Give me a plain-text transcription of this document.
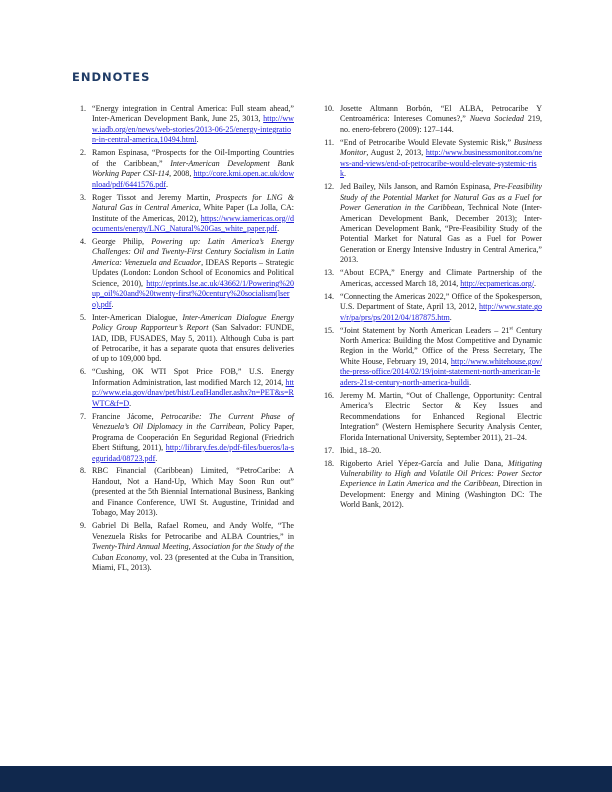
ENDNOTES
1. “Energy integration in Central America: Full steam ahead,” Inter-American Development Bank, June 25, 3013, http://www.iadb.org/en/news/web-stories/2013-06-25/energy-integration-in-central-america,10494.html.
2. Ramon Espinasa, “Prospects for the Oil-Importing Countries of the Caribbean,” Inter-American Development Bank Working Paper CSI-114, 2008, http://core.kmi.open.ac.uk/download/pdf/6441576.pdf.
3. Roger Tissot and Jeremy Martin, Prospects for LNG & Natural Gas in Central America, White Paper (La Jolla, CA: Institute of the Americas, 2012), https://www.iamericas.org//documents/energy/LNG_Natural%20Gas_white_paper.pdf.
4. George Philip, Powering up: Latin America’s Energy Challenges: Oil and Twenty-First Century Socialism in Latin America: Venezuela and Ecuador, IDEAS Reports – Strategic Updates (London: London School of Economics and Political Science, 2010), http://eprints.lse.ac.uk/43662/1/Powering%20up_oil%20and%20twenty-first%20century%20socialism(lsero).pdf.
5. Inter-American Dialogue, Inter-American Dialogue Energy Policy Group Rapporteur’s Report (San Salvador: FUNDE, IAD, IDB, FUSADES, May 5, 2011). Although Cuba is part of Petrocaribe, it has a separate quota that ensures deliveries of up to 109,000 bpd.
6. “Cushing, OK WTI Spot Price FOB,” U.S. Energy Information Administration, last modified March 12, 2014, http://www.eia.gov/dnav/pet/hist/LeafHandler.ashx?n=PET&s=RWTC&f=D.
7. Francine Jácome, Petrocaribe: The Current Phase of Venezuela’s Oil Diplomacy in the Carribean, Policy Paper, Programa de Cooperación En Seguridad Regional (Friedrich Ebert Stiftung, 2011), http://library.fes.de/pdf-files/bueros/la-seguridad/08723.pdf.
8. RBC Financial (Caribbean) Limited, “PetroCaribe: A Handout, Not a Hand-Up, Which May Soon Run out” (presented at the 5th Biennial International Business, Banking and Finance Conference, UWI St. Augustine, Trinidad and Tobago, May 2013).
9. Gabriel Di Bella, Rafael Romeu, and Andy Wolfe, “The Venezuela Risks for Petrocaribe and ALBA Countries,” in Twenty-Third Annual Meeting, Association for the Study of the Cuban Economy, vol. 23 (presented at the Cuba in Transition, Miami, FL, 2013).
10. Josette Altmann Borbón, “El ALBA, Petrocaribe Y Centroamérica: Intereses Comunes?,” Nueva Sociedad 219, no. enero-febrero (2009): 127–144.
11. “End of Petrocaribe Would Elevate Systemic Risk,” Business Monitor, August 2, 2013, http://www.businessmonitor.com/news-and-views/end-of-petrocaribe-would-elevate-systemic-risk.
12. Jed Bailey, Nils Janson, and Ramón Espinasa, Pre-Feasibility Study of the Potential Market for Natural Gas as a Fuel for Power Generation in the Caribbean, Technical Note (Inter-American Development Bank, December 2013); Inter-American Development Bank, “Pre-Feasibility Study of the Potential Market for Natural Gas as a Fuel for Power Generation or Energy Intensive Industry in Central America,” 2013.
13. “About ECPA,” Energy and Climate Partnership of the Americas, accessed March 18, 2014, http://ecpamericas.org/.
14. “Connecting the Americas 2022,” Office of the Spokesperson, U.S. Department of State, April 13, 2012, http://www.state.gov/r/pa/prs/ps/2012/04/187875.htm.
15. “Joint Statement by North American Leaders – 21st Century North America: Building the Most Competitive and Dynamic Region in the World,” Office of the Press Secretary, The White House, February 19, 2014, http://www.whitehouse.gov/the-press-office/2014/02/19/joint-statement-north-american-leaders-21st-century-north-america-buildi.
16. Jeremy M. Martin, “Out of Challenge, Opportunity: Central America’s Electric Sector & Key Issues and Recommendations for Enhanced Regional Electric Integration” (Western Hemisphere Security Analysis Center, Florida International University, September 2011), 21–24.
17. Ibid., 18–20.
18. Rigoberto Ariel Yépez-García and Julie Dana, Mitigating Vulnerability to High and Volatile Oil Prices: Power Sector Experience in Latin America and the Caribbean, Direction in Development: Energy and Mining (Washington DC: The World Bank, 2012).
